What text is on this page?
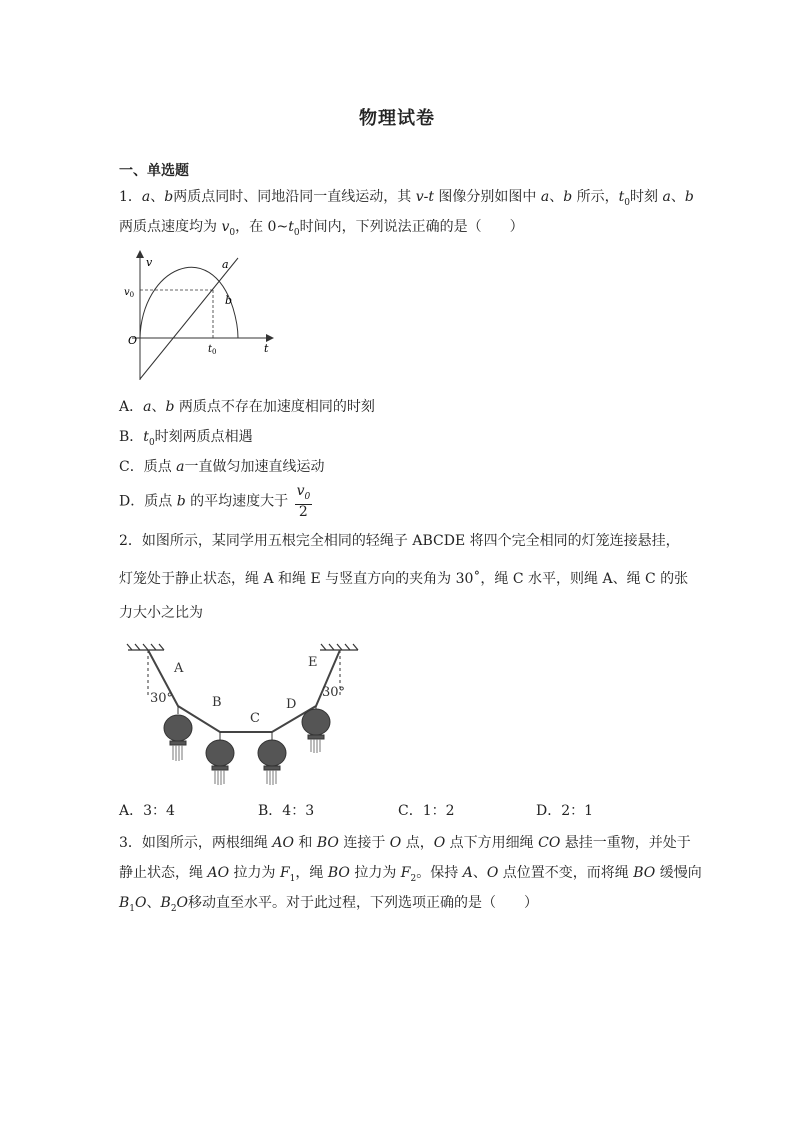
物理试卷
一、单选题
1．a、b两质点同时、同地沿同一直线运动，其 v-t 图像分别如图中 a、b 所示，$t_0$时刻 a、b
两质点速度均为 $v_0$，在 $0\sim t_0$时间内，下列说法正确的是（　　）
v
$v_0$
O
$t_0$	t
a
b
A．a、b 两质点不存在加速度相同的时刻
B．$t_0$时刻两质点相遇
C．质点 a一直做匀加速直线运动
D．质点 b 的平均速度大于 $\frac{v_0}{2}$
2．如图所示，某同学用五根完全相同的轻绳子 ABCDE 将四个完全相同的灯笼连接悬挂，
灯笼处于静止状态，绳 A 和绳 E 与竖直方向的夹角为 30˚，绳 C 水平，则绳 A、绳 C 的张
力大小之比为
A
B
C
D
E
30°	30°
A．3：4	B．4：3	C．1：2	D．2：1
3．如图所示，两根细绳 AO 和 BO 连接于 O 点，O 点下方用细绳 CO 悬挂一重物，并处于
静止状态，绳 AO 拉力为 $F_1$，绳 BO 拉力为 $F_2$。保持 A、O 点位置不变，而将绳 BO 缓慢向
$B_1O$、$B_2O$移动直至水平。对于此过程，下列选项正确的是（　　）
